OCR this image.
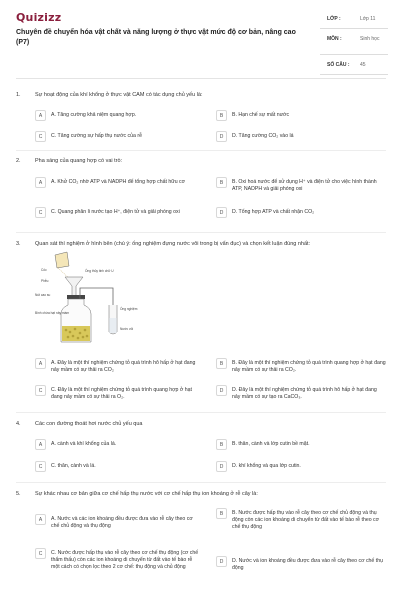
Quizizz
Chuyên đề chuyển hóa vật chất và năng lượng ở thực vật mức độ cơ bản, nâng cao (P7)
LỚP :	Lớp 11
MÔN :	Sinh học
SỐ CÂU : 45
1.	Sự hoạt động của khí khổng ở thực vật CAM có tác dụng chủ yếu là:
A	A. Tăng cường khả niệm quang hợp.	B	B. Hạn chế sự mất nước
C	C. Tăng cường sự hấp thụ nước của rễ	D	D. Tăng cường CO₂ vào lá
2.	Pha sáng của quang hợp có vai trò:
A	A. Khử CO₂ nhờ ATP và NADPH để tổng hợp chất hữu cơ	B	B. Oxi hoá nước để sử dụng H⁺ và điện tử cho việc hình thành ATP, NADPH và giải phóng oxi
C	C. Quang phân li nước tạo H⁺, điện tử và giải phóng oxi	D	D. Tổng hợp ATP và chất nhận CO₂
3.	Quan sát thí nghiệm ở hình bên (chú ý: ống nghiệm đựng nước vôi trong bị vẩn đục) và chọn kết luận đúng nhất:
Cốc	Ống thủy tinh chữ U
Phễu
Nút cao su
Bình chứa hạt nảy mầm
Ống nghiệm
Nước vôi
A	A. Đây là một thí nghiệm chứng tỏ quá trình hô hấp ở hạt đang nảy mầm có sự thải ra CO₂
B	B. Đây là một thí nghiệm chứng tỏ quá trình quang hợp ở hạt đang nảy mầm có sự thải ra CO₂.
C	C. Đây là một thí nghiệm chứng tỏ quá trình quang hợp ở hạt đang nảy mầm có sự thải ra O₂.
D	D. Đây là một thí nghiệm chứng tỏ quá trình hô hấp ở hạt đang nảy mầm có sự tạo ra CaCO₃.
4.	Các con đường thoát hơi nước chủ yếu qua
A	A. cành và khí khổng của lá.	B	B. thân, cành và lớp cutin bề mặt.
C	C. thân, cành và lá.	D	D. khí khổng và qua lớp cutin.
5.	Sự khác nhau cơ bản giữa cơ chế hấp thụ nước với cơ chế hấp thụ ion khoáng ở rễ cây là:
A	A. Nước và các ion khoáng đều được đưa vào rễ cây theo cơ chế chủ động và thụ động
B	B. Nước được hấp thụ vào rễ cây theo cơ chế chủ động và thụ động còn các ion khoáng di chuyển từ đất vào tế bào rễ theo cơ chế thụ động
C	C. Nước được hấp thụ vào rễ cây theo cơ chế thụ động (cơ chế thẩm thấu) còn các ion khoáng di chuyển từ đất vào tế bào rễ một cách có chọn lọc theo 2 cơ chế: thụ động và chủ động
D	D. Nước và ion khoáng đều được đưa vào rễ cây theo cơ chế thụ động
